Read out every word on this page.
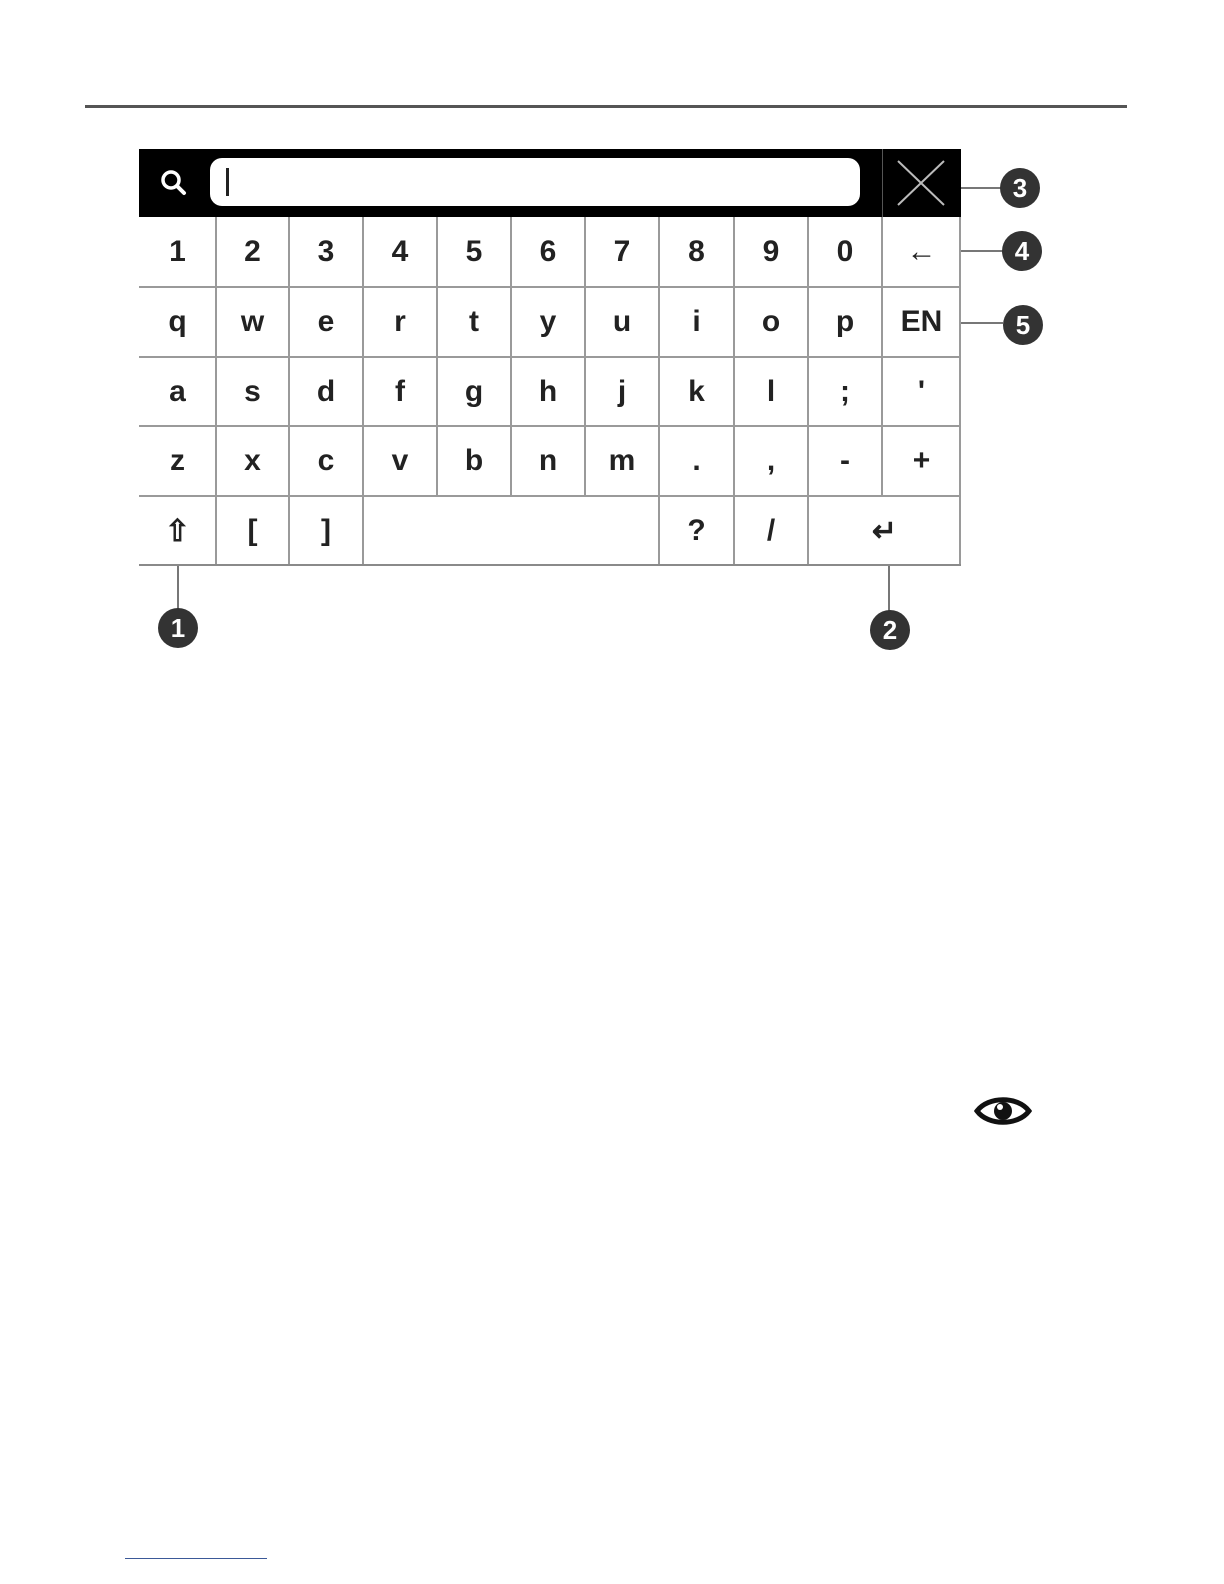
1 2 3 4 5 6 7 8 9 0 ←
q w e r t y u i o p EN
a s d f g h j k l ; '
z x c v b n m . , - +
⇧ [ ]	? /	↵
3
4
5
1	2
